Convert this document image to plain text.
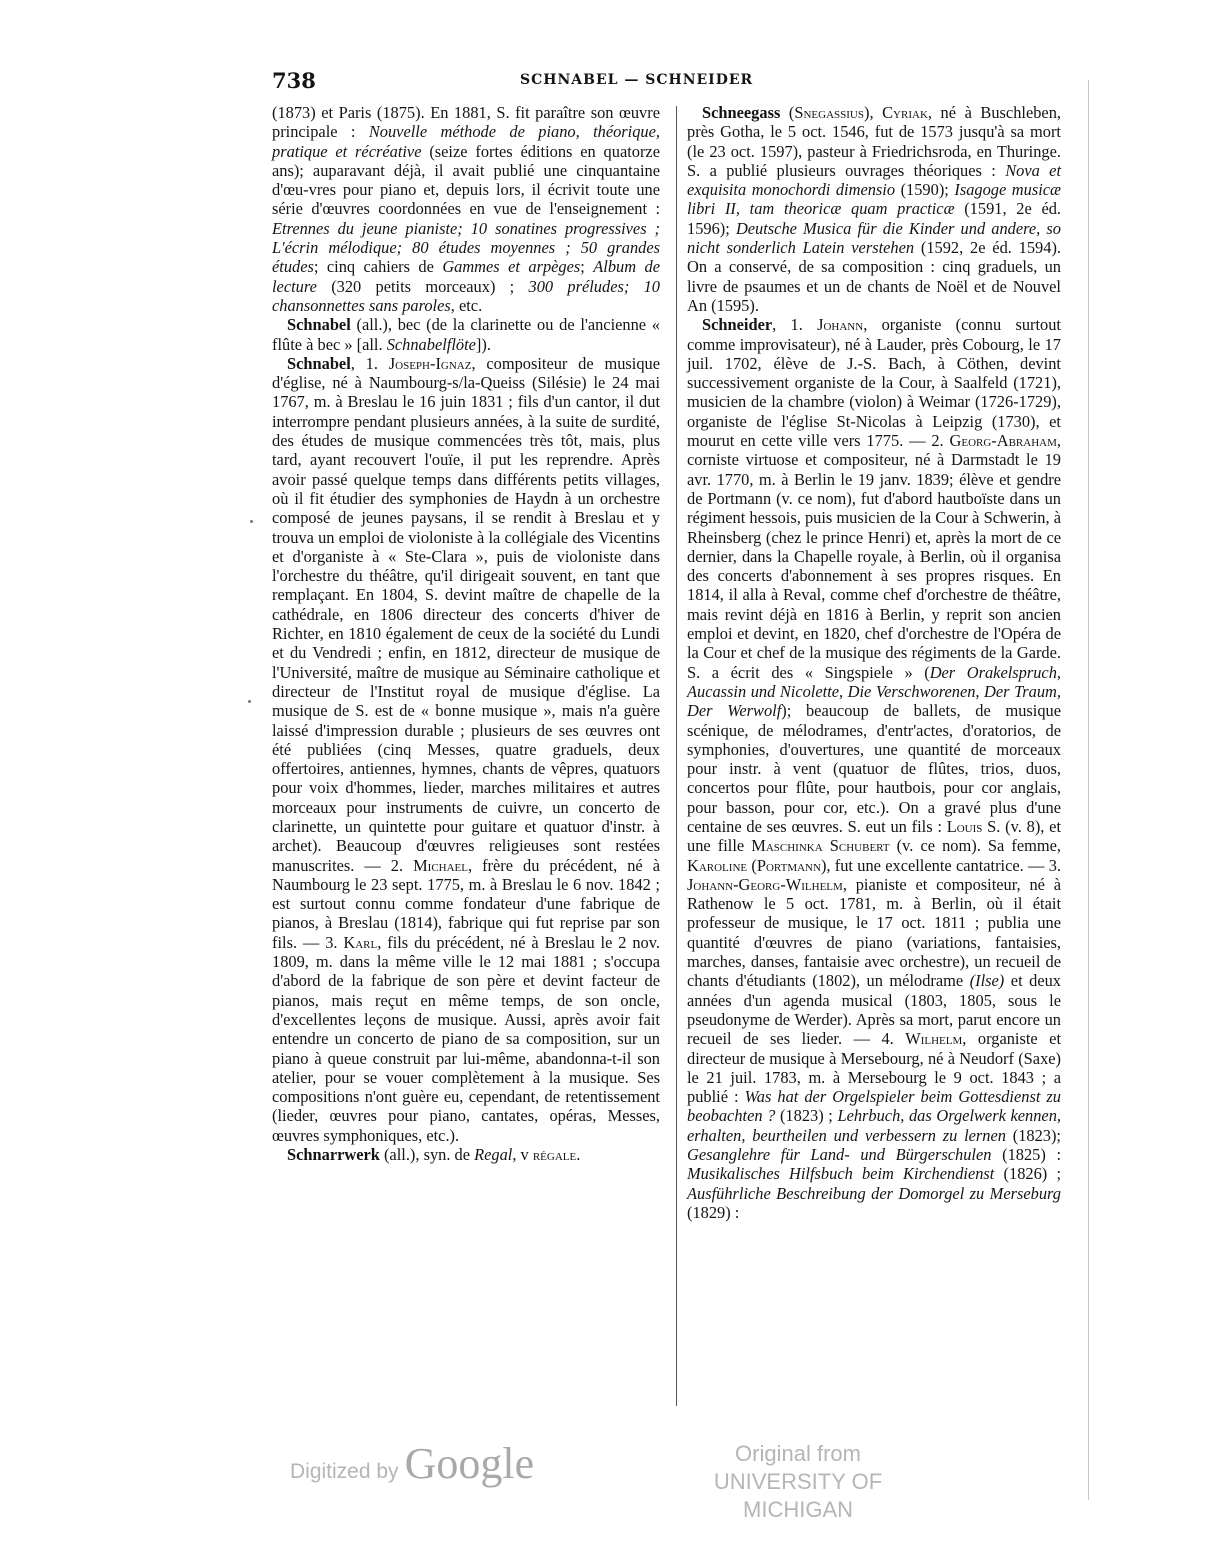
738	SCHNABEL — SCHNEIDER

(1873) et Paris (1875). En 1881, S. fit paraître son œuvre principale : Nouvelle méthode de piano, théorique, pratique et récréative (seize fortes éditions en quatorze ans); auparavant déjà, il avait publié une cinquantaine d'œu-vres pour piano et, depuis lors, il écrivit toute une série d'œuvres coordonnées en vue de l'enseignement : Etrennes du jeune pianiste; 10 sonatines progressives ; L'écrin mélodique; 80 études moyennes ; 50 grandes études; cinq cahiers de Gammes et arpèges; Album de lecture (320 petits morceaux) ; 300 préludes; 10 chansonnettes sans paroles, etc.

Schnabel (all.), bec (de la clarinette ou de l'ancienne « flûte à bec » [all. Schnabelflöte]).

Schnabel, 1. Joseph-Ignaz, compositeur de musique d'église, né à Naumbourg-s/la-Queiss (Silésie) le 24 mai 1767, m. à Breslau le 16 juin 1831 ; fils d'un cantor, il dut interrompre pendant plusieurs années, à la suite de surdité, des études de musique commencées très tôt, mais, plus tard, ayant recouvert l'ouïe, il put les reprendre. Après avoir passé quelque temps dans différents petits villages, où il fit étudier des symphonies de Haydn à un orchestre composé de jeunes paysans, il se rendit à Breslau et y trouva un emploi de violoniste à la collégiale des Vicentins et d'organiste à « Ste-Clara », puis de violoniste dans l'orchestre du théâtre, qu'il dirigeait souvent, en tant que remplaçant. En 1804, S. devint maître de chapelle de la cathédrale, en 1806 directeur des concerts d'hiver de Richter, en 1810 également de ceux de la société du Lundi et du Vendredi ; enfin, en 1812, directeur de musique de l'Université, maître de musique au Séminaire catholique et directeur de l'Institut royal de musique d'église. La musique de S. est de « bonne musique », mais n'a guère laissé d'impression durable ; plusieurs de ses œuvres ont été publiées (cinq Messes, quatre graduels, deux offertoires, antiennes, hymnes, chants de vêpres, quatuors pour voix d'hommes, lieder, marches militaires et autres morceaux pour instruments de cuivre, un concerto de clarinette, un quintette pour guitare et quatuor d'instr. à archet). Beaucoup d'œuvres religieuses sont restées manuscrites. — 2. Michael, frère du précédent, né à Naumbourg le 23 sept. 1775, m. à Breslau le 6 nov. 1842 ; est surtout connu comme fondateur d'une fabrique de pianos, à Breslau (1814), fabrique qui fut reprise par son fils. — 3. Karl, fils du précédent, né à Breslau le 2 nov. 1809, m. dans la même ville le 12 mai 1881 ; s'occupa d'abord de la fabrique de son père et devint facteur de pianos, mais reçut en même temps, de son oncle, d'excellentes leçons de musique. Aussi, après avoir fait entendre un concerto de piano de sa composition, sur un piano à queue construit par lui-même, abandonna-t-il son atelier, pour se vouer complètement à la musique. Ses compositions n'ont guère eu, cependant, de retentissement (lieder, œuvres pour piano, cantates, opéras, Messes, œuvres symphoniques, etc.).

Schnarrwerk (all.), syn. de Regal, v régale.

Schneegass (Snegassius), Cyriak, né à Buschleben, près Gotha, le 5 oct. 1546, fut de 1573 jusqu'à sa mort (le 23 oct. 1597), pasteur à Friedrichsroda, en Thuringe. S. a publié plusieurs ouvrages théoriques : Nova et exquisita monochordi dimensio (1590); Isagoge musicæ libri II, tam theoricæ quam practicæ (1591, 2e éd. 1596); Deutsche Musica für die Kinder und andere, so nicht sonderlich Latein verstehen (1592, 2e éd. 1594). On a conservé, de sa composition : cinq graduels, un livre de psaumes et un de chants de Noël et de Nouvel An (1595).

Schneider, 1. Johann, organiste (connu surtout comme improvisateur), né à Lauder, près Cobourg, le 17 juil. 1702, élève de J.-S. Bach, à Cöthen, devint successivement organiste de la Cour, à Saalfeld (1721), musicien de la chambre (violon) à Weimar (1726-1729), organiste de l'église St-Nicolas à Leipzig (1730), et mourut en cette ville vers 1775. — 2. Georg-Abraham, corniste virtuose et compositeur, né à Darmstadt le 19 avr. 1770, m. à Berlin le 19 janv. 1839; élève et gendre de Portmann (v. ce nom), fut d'abord hautboïste dans un régiment hessois, puis musicien de la Cour à Schwerin, à Rheinsberg (chez le prince Henri) et, après la mort de ce dernier, dans la Chapelle royale, à Berlin, où il organisa des concerts d'abonnement à ses propres risques. En 1814, il alla à Reval, comme chef d'orchestre de théâtre, mais revint déjà en 1816 à Berlin, y reprit son ancien emploi et devint, en 1820, chef d'orchestre de l'Opéra de la Cour et chef de la musique des régiments de la Garde. S. a écrit des « Singspiele » (Der Orakelspruch, Aucassin und Nicolette, Die Verschworenen, Der Traum, Der Werwolf); beaucoup de ballets, de musique scénique, de mélodrames, d'entr'actes, d'oratorios, de symphonies, d'ouvertures, une quantité de morceaux pour instr. à vent (quatuor de flûtes, trios, duos, concertos pour flûte, pour hautbois, pour cor anglais, pour basson, pour cor, etc.). On a gravé plus d'une centaine de ses œuvres. S. eut un fils : Louis S. (v. 8), et une fille Maschinka Schubert (v. ce nom). Sa femme, Karoline (Portmann), fut une excellente cantatrice. — 3. Johann-Georg-Wilhelm, pianiste et compositeur, né à Rathenow le 5 oct. 1781, m. à Berlin, où il était professeur de musique, le 17 oct. 1811 ; publia une quantité d'œuvres de piano (variations, fantaisies, marches, danses, fantaisie avec orchestre), un recueil de chants d'étudiants (1802), un mélodrame (Ilse) et deux années d'un agenda musical (1803, 1805, sous le pseudonyme de Werder). Après sa mort, parut encore un recueil de ses lieder. — 4. Wilhelm, organiste et directeur de musique à Mersebourg, né à Neudorf (Saxe) le 21 juil. 1783, m. à Mersebourg le 9 oct. 1843 ; a publié : Was hat der Orgelspieler beim Gottesdienst zu beobachten ? (1823) ; Lehrbuch, das Orgelwerk kennen, erhalten, beurtheilen und verbessern zu lernen (1823); Gesanglehre für Land- und Bürgerschulen (1825) : Musikalisches Hilfsbuch beim Kirchendienst (1826) ; Ausführliche Beschreibung der Domorgel zu Merseburg (1829) :

Digitized by Google	Original from
UNIVERSITY OF MICHIGAN
